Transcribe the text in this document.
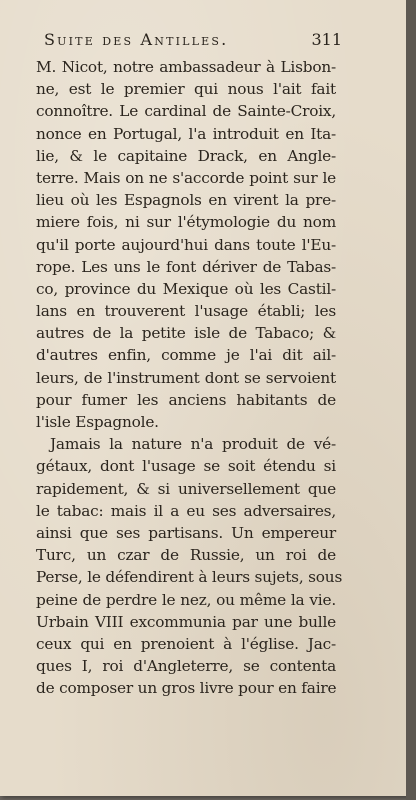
Suite des Antilles.	311
M. Nicot, notre ambassadeur à Lisbon-
ne, est le premier qui nous l'ait fait
connoître. Le cardinal de Sainte-Croix,
nonce en Portugal, l'a introduit en Ita-
lie, & le capitaine Drack, en Angle-
terre. Mais on ne s'accorde point sur le
lieu où les Espagnols en virent la pre-
miere fois, ni sur l'étymologie du nom
qu'il porte aujourd'hui dans toute l'Eu-
rope. Les uns le font dériver de Tabas-
co, province du Mexique où les Castil-
lans en trouverent l'usage établi; les
autres de la petite isle de Tabaco; &
d'autres enfin, comme je l'ai dit ail-
leurs, de l'instrument dont se servoient
pour fumer les anciens habitants de
l'isle Espagnole.
Jamais la nature n'a produit de vé-
gétaux, dont l'usage se soit étendu si
rapidement, & si universellement que
le tabac: mais il a eu ses adversaires,
ainsi que ses partisans. Un empereur
Turc, un czar de Russie, un roi de
Perse, le défendirent à leurs sujets, sous
peine de perdre le nez, ou même la vie.
Urbain VIII excommunia par une bulle
ceux qui en prenoient à l'église. Jac-
ques I, roi d'Angleterre, se contenta
de composer un gros livre pour en faire
